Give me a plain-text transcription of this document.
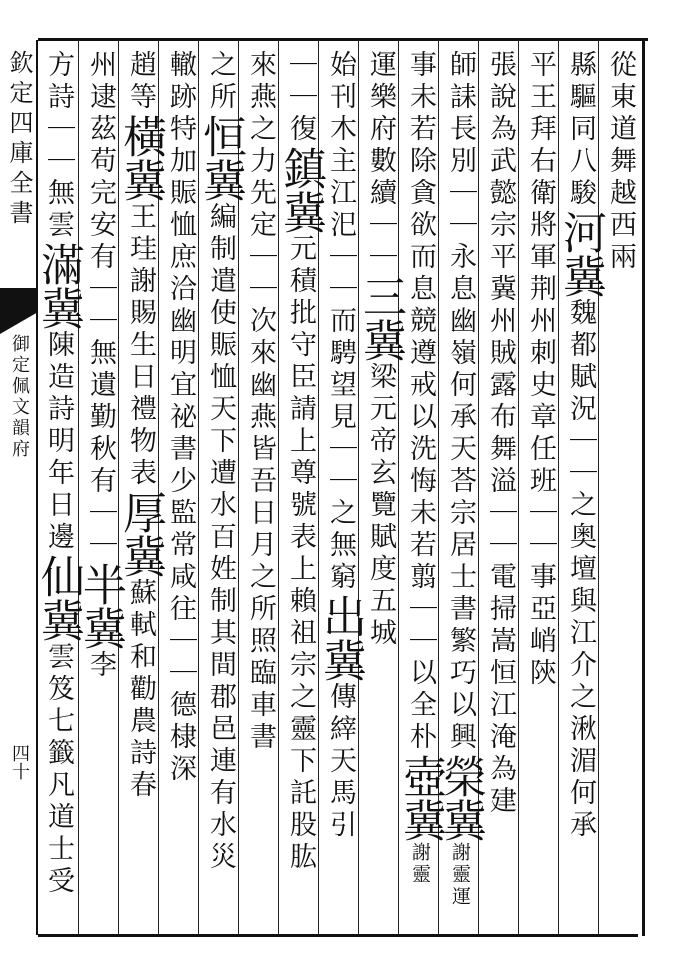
欽定四庫全書
御定佩文韻府
四十
從東道舞越西兩
縣驅同八駿河冀魏都賦況｜｜之奥壇與江介之湫湄何承
平王拜右衛將軍荆州刺史章任班｜｜事亞峭陝
張說為武懿宗平冀州賊露布舞溢｜｜電掃嵩恒江淹為建
師誄長別｜｜永息幽嶺何承天荅宗居士書繁巧以興榮冀謝靈運
事未若除貪欲而息競遵戒以洗悔未若翦｜｜以全朴壺冀謝靈
運樂府數續｜｜三冀梁元帝玄覽賦度五城
始刊木主江汜｜｜而騁望見｜｜之無窮出冀傳縡天馬引
｜｜復鎮冀元積批守臣請上尊號表上賴祖宗之靈下託股肱
來燕之力先定｜｜次來幽燕皆吾日月之所照臨車書
之所恒冀編制遣使賑恤天下遭水百姓制其間郡邑連有水災
轍跡特加賑恤庶洽幽明宜祕書少監常咸往｜｜德棣深
趙等橫冀王珪謝賜生日禮物表厚冀蘇軾和勸農詩春
州逮茲苟完安有｜｜無遺勤秋有｜｜半冀李
方詩｜｜無雲滿冀陳造詩明年日邊仙冀雲笈七籤凡道士受
